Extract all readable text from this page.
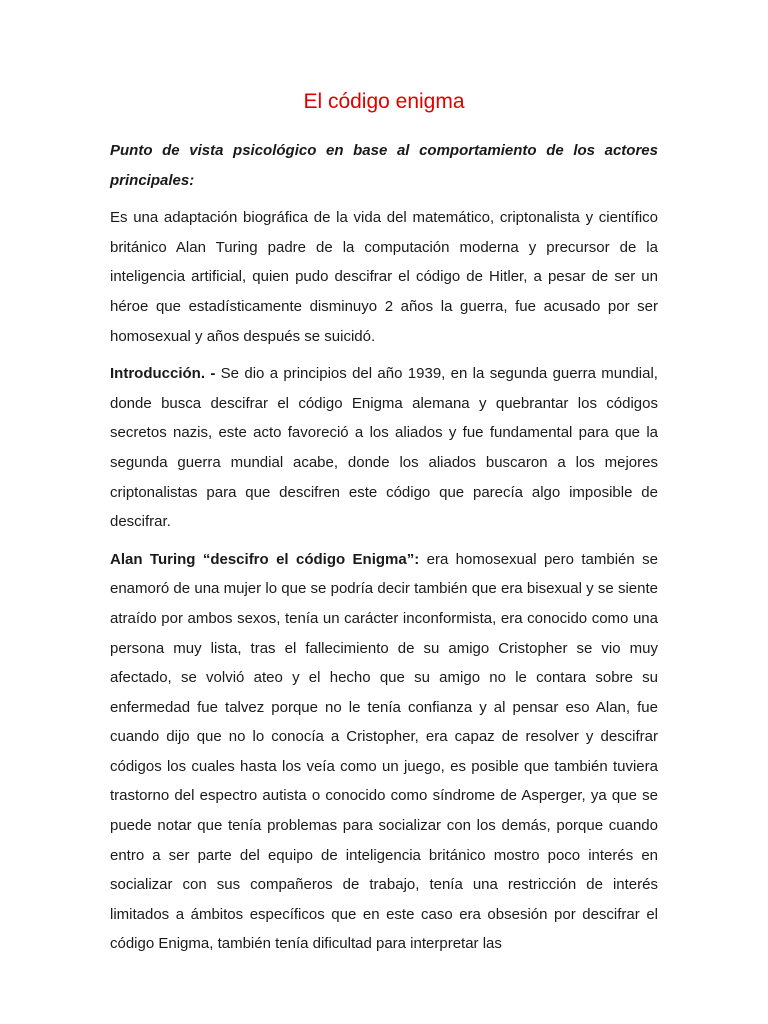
El código enigma

Punto de vista psicológico en base al comportamiento de los actores principales:

Es una adaptación biográfica de la vida del matemático, criptonalista y científico británico Alan Turing padre de la computación moderna y precursor de la inteligencia artificial, quien pudo descifrar el código de Hitler, a pesar de ser un héroe que estadísticamente disminuyo 2 años la guerra, fue acusado por ser homosexual y años después se suicidó.

Introducción. - Se dio a principios del año 1939, en la segunda guerra mundial, donde busca descifrar el código Enigma alemana y quebrantar los códigos secretos nazis, este acto favoreció a los aliados y fue fundamental para que la segunda guerra mundial acabe, donde los aliados buscaron a los mejores criptonalistas para que descifren este código que parecía algo imposible de descifrar.

Alan Turing “descifro el código Enigma”: era homosexual pero también se enamoró de una mujer lo que se podría decir también que era bisexual y se siente atraído por ambos sexos, tenía un carácter inconformista, era conocido como una persona muy lista, tras el fallecimiento de su amigo Cristopher se vio muy afectado, se volvió ateo y el hecho que su amigo no le contara sobre su enfermedad fue talvez porque no le tenía confianza y al pensar eso Alan, fue cuando dijo que no lo conocía a Cristopher, era capaz de resolver y descifrar códigos los cuales hasta los veía como un juego, es posible que también tuviera trastorno del espectro autista o conocido como síndrome de Asperger, ya que se puede notar que tenía problemas para socializar con los demás, porque cuando entro a ser parte del equipo de inteligencia británico mostro poco interés en socializar con sus compañeros de trabajo, tenía una restricción de interés limitados a ámbitos específicos que en este caso era obsesión por descifrar el código Enigma, también tenía dificultad para interpretar las
